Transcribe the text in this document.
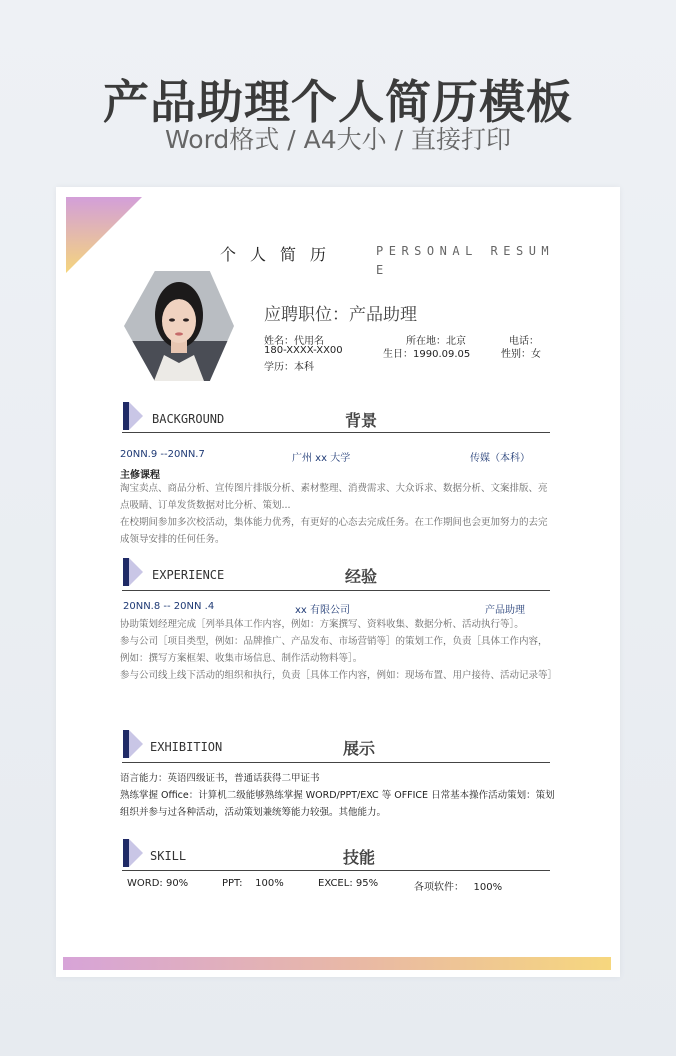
产品助理个人简历模板
Word格式 / A4大小 / 直接打印
个人简历	PERSONAL RESUM
E
应聘职位：产品助理
姓名：代用名	所在地：北京	电话：
180-XXXX-XX00	生日：1990.09.05	性别：女
学历：本科
BACKGROUND	背景
20NN.9 --20NN.7	广州 xx 大学	传媒（本科）
主修课程
淘宝卖点、商品分析、宣传图片排版分析、素材整理、消费需求、大众诉求、数据分析、文案排版、亮点吸睛、订单发货数据对比分析、策划...
在校期间参加多次校活动，集体能力优秀，有更好的心态去完成任务。在工作期间也会更加努力的去完成领导安排的任何任务。
EXPERIENCE	经验
20NN.8 -- 20NN .4	xx 有限公司	产品助理
协助策划经理完成［列举具体工作内容，例如：方案撰写、资料收集、数据分析、活动执行等］。
参与公司［项目类型，例如：品牌推广、产品发布、市场营销等］的策划工作，负责［具体工作内容，例如：撰写方案框架、收集市场信息、制作活动物料等］。
参与公司线上线下活动的组织和执行，负责［具体工作内容，例如：现场布置、用户接待、活动记录等］
EXHIBITION	展示
语言能力：英语四级证书，普通话获得二甲证书
熟练掌握 Office：计算机二级能够熟练掌握 WORD/PPT/EXC 等 OFFICE 日常基本操作活动策划：策划组织并参与过各种活动，活动策划兼统筹能力较强。其他能力。
SKILL	技能
WORD: 90%	PPT:    100%	EXCEL: 95%	各项软件：   100%
